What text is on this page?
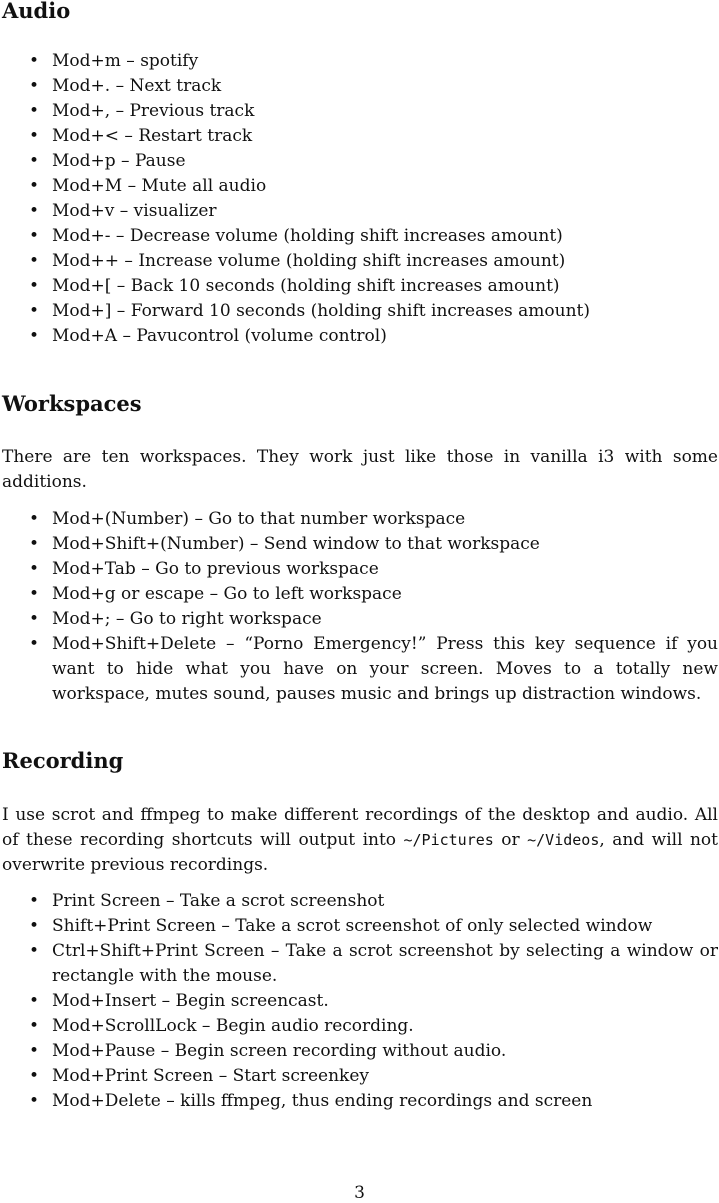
Audio
• Mod+m – spotify
• Mod+. – Next track
• Mod+, – Previous track
• Mod+< – Restart track
• Mod+p – Pause
• Mod+M – Mute all audio
• Mod+v – visualizer
• Mod+- – Decrease volume (holding shift increases amount)
• Mod++ – Increase volume (holding shift increases amount)
• Mod+[ – Back 10 seconds (holding shift increases amount)
• Mod+] – Forward 10 seconds (holding shift increases amount)
• Mod+A – Pavucontrol (volume control)
Workspaces

There are ten workspaces. They work just like those in vanilla i3 with some additions.

• Mod+(Number) – Go to that number workspace
• Mod+Shift+(Number) – Send window to that workspace
• Mod+Tab – Go to previous workspace
• Mod+g or escape – Go to left workspace
• Mod+; – Go to right workspace
• Mod+Shift+Delete – “Porno Emergency!” Press this key sequence if you want to hide what you have on your screen. Moves to a totally new workspace, mutes sound, pauses music and brings up distraction windows.
Recording

I use scrot and ffmpeg to make different recordings of the desktop and audio. All of these recording shortcuts will output into ~/Pictures or ~/Videos, and will not overwrite previous recordings.

• Print Screen – Take a scrot screenshot
• Shift+Print Screen – Take a scrot screenshot of only selected window
• Ctrl+Shift+Print Screen – Take a scrot screenshot by selecting a window or rectangle with the mouse.
• Mod+Insert – Begin screencast.
• Mod+ScrollLock – Begin audio recording.
• Mod+Pause – Begin screen recording without audio.
• Mod+Print Screen – Start screenkey
• Mod+Delete – kills ffmpeg, thus ending recordings and screen
3
